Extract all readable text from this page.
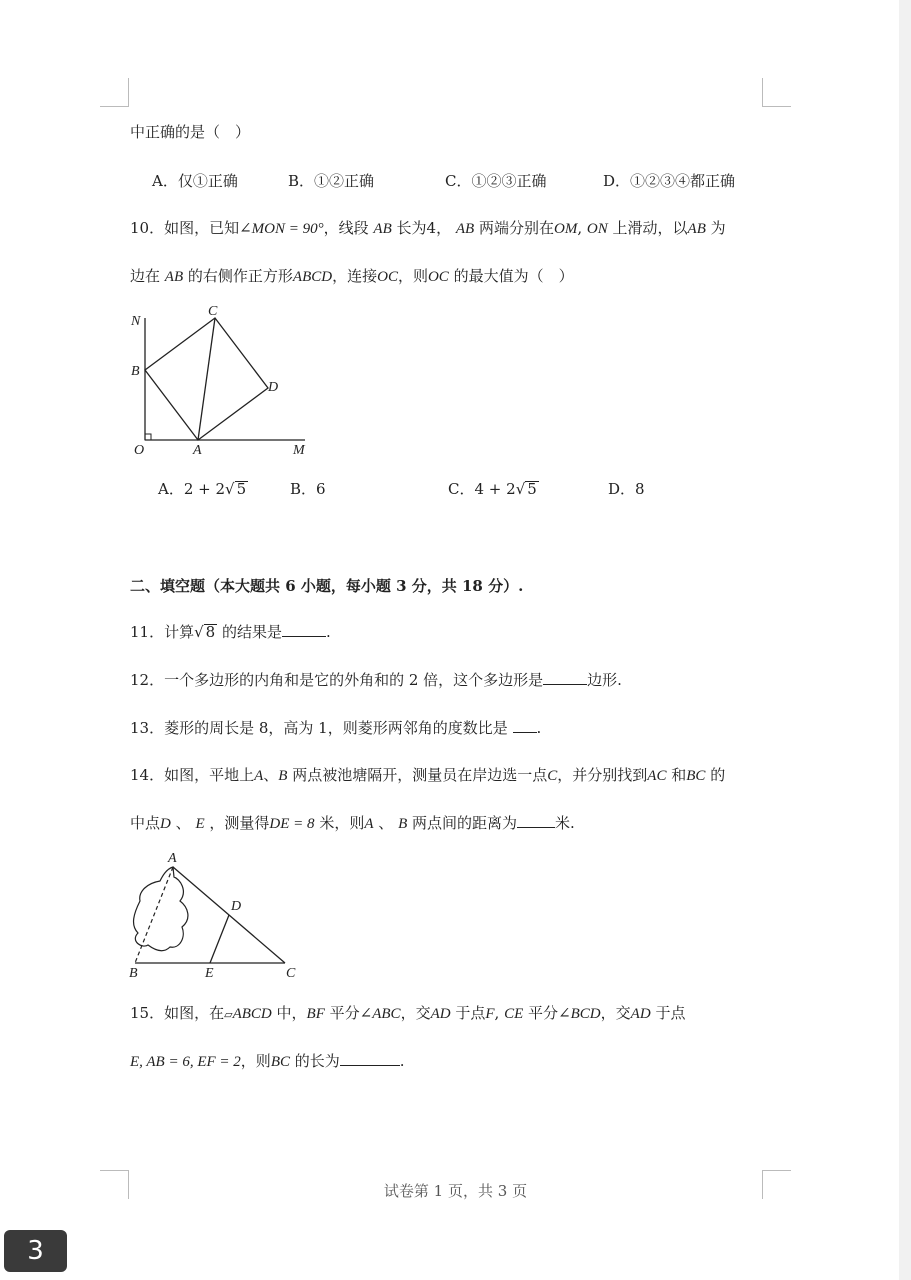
中正确的是（　）
A．仅①正确	B．①②正确	C．①②③正确	D．①②③④都正确
10．如图，已知∠MON = 90°，线段 AB 长为4， AB 两端分别在OM, ON 上滑动，以AB 为
边在 AB 的右侧作正方形ABCD，连接OC，则OC 的最大值为（　）
N
C
B
D
O	A	M
A．2 + 2√ 5	B．6	C．4 + 2√ 5	D．8
二、填空题（本大题共 6 小题，每小题 3 分，共 18 分）.
11．计算√ 8 的结果是	.
12．一个多边形的内角和是它的外角和的 2 倍，这个多边形是	边形.
13．菱形的周长是 8，高为 1，则菱形两邻角的度数比是 .
14．如图，平地上A、B 两点被池塘隔开，测量员在岸边选一点C，并分别找到AC 和BC 的
中点D 、 E ，测量得DE = 8 米，则A 、 B 两点间的距离为	米.
A
D
B	E	C
15．如图，在▱ABCD 中，BF 平分∠ABC，交AD 于点F, CE 平分∠BCD，交AD 于点
E, AB = 6, EF = 2，则BC 的长为	.
试卷第 1 页，共 3 页
3
